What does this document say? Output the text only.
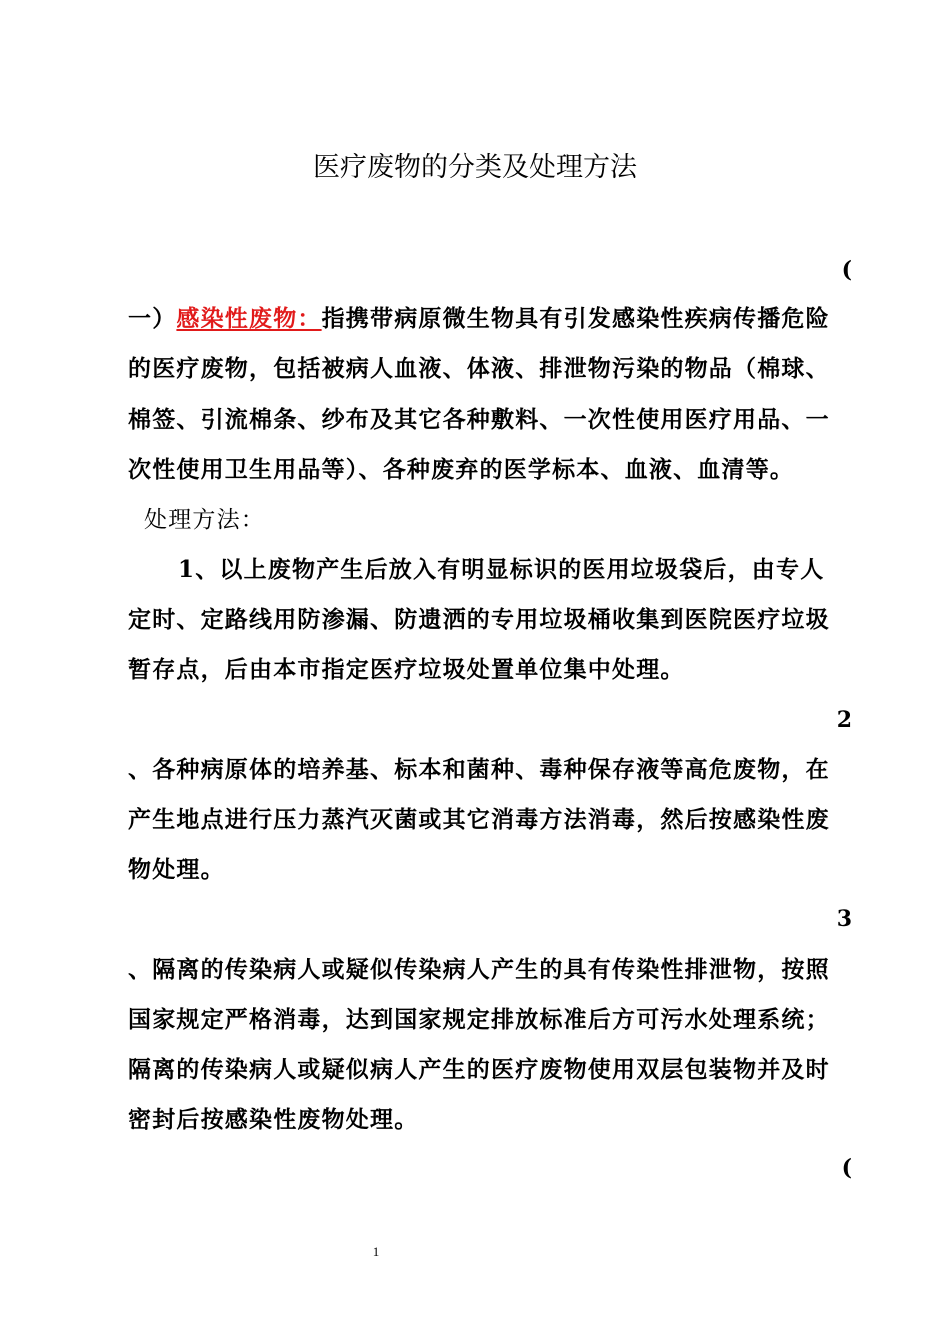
医疗废物的分类及处理方法
(
一）感染性废物：指携带病原微生物具有引发感染性疾病传播危险
的医疗废物，包括被病人血液、体液、排泄物污染的物品（棉球、
棉签、引流棉条、纱布及其它各种敷料、一次性使用医疗用品、一
次性使用卫生用品等）、各种废弃的医学标本、血液、血清等。
处理方法：
1、以上废物产生后放入有明显标识的医用垃圾袋后，由专人
定时、定路线用防渗漏、防遗洒的专用垃圾桶收集到医院医疗垃圾
暂存点，后由本市指定医疗垃圾处置单位集中处理。
2
、各种病原体的培养基、标本和菌种、毒种保存液等高危废物，在
产生地点进行压力蒸汽灭菌或其它消毒方法消毒，然后按感染性废
物处理。
3
、隔离的传染病人或疑似传染病人产生的具有传染性排泄物，按照
国家规定严格消毒，达到国家规定排放标准后方可污水处理系统；
隔离的传染病人或疑似病人产生的医疗废物使用双层包装物并及时
密封后按感染性废物处理。
(
1
